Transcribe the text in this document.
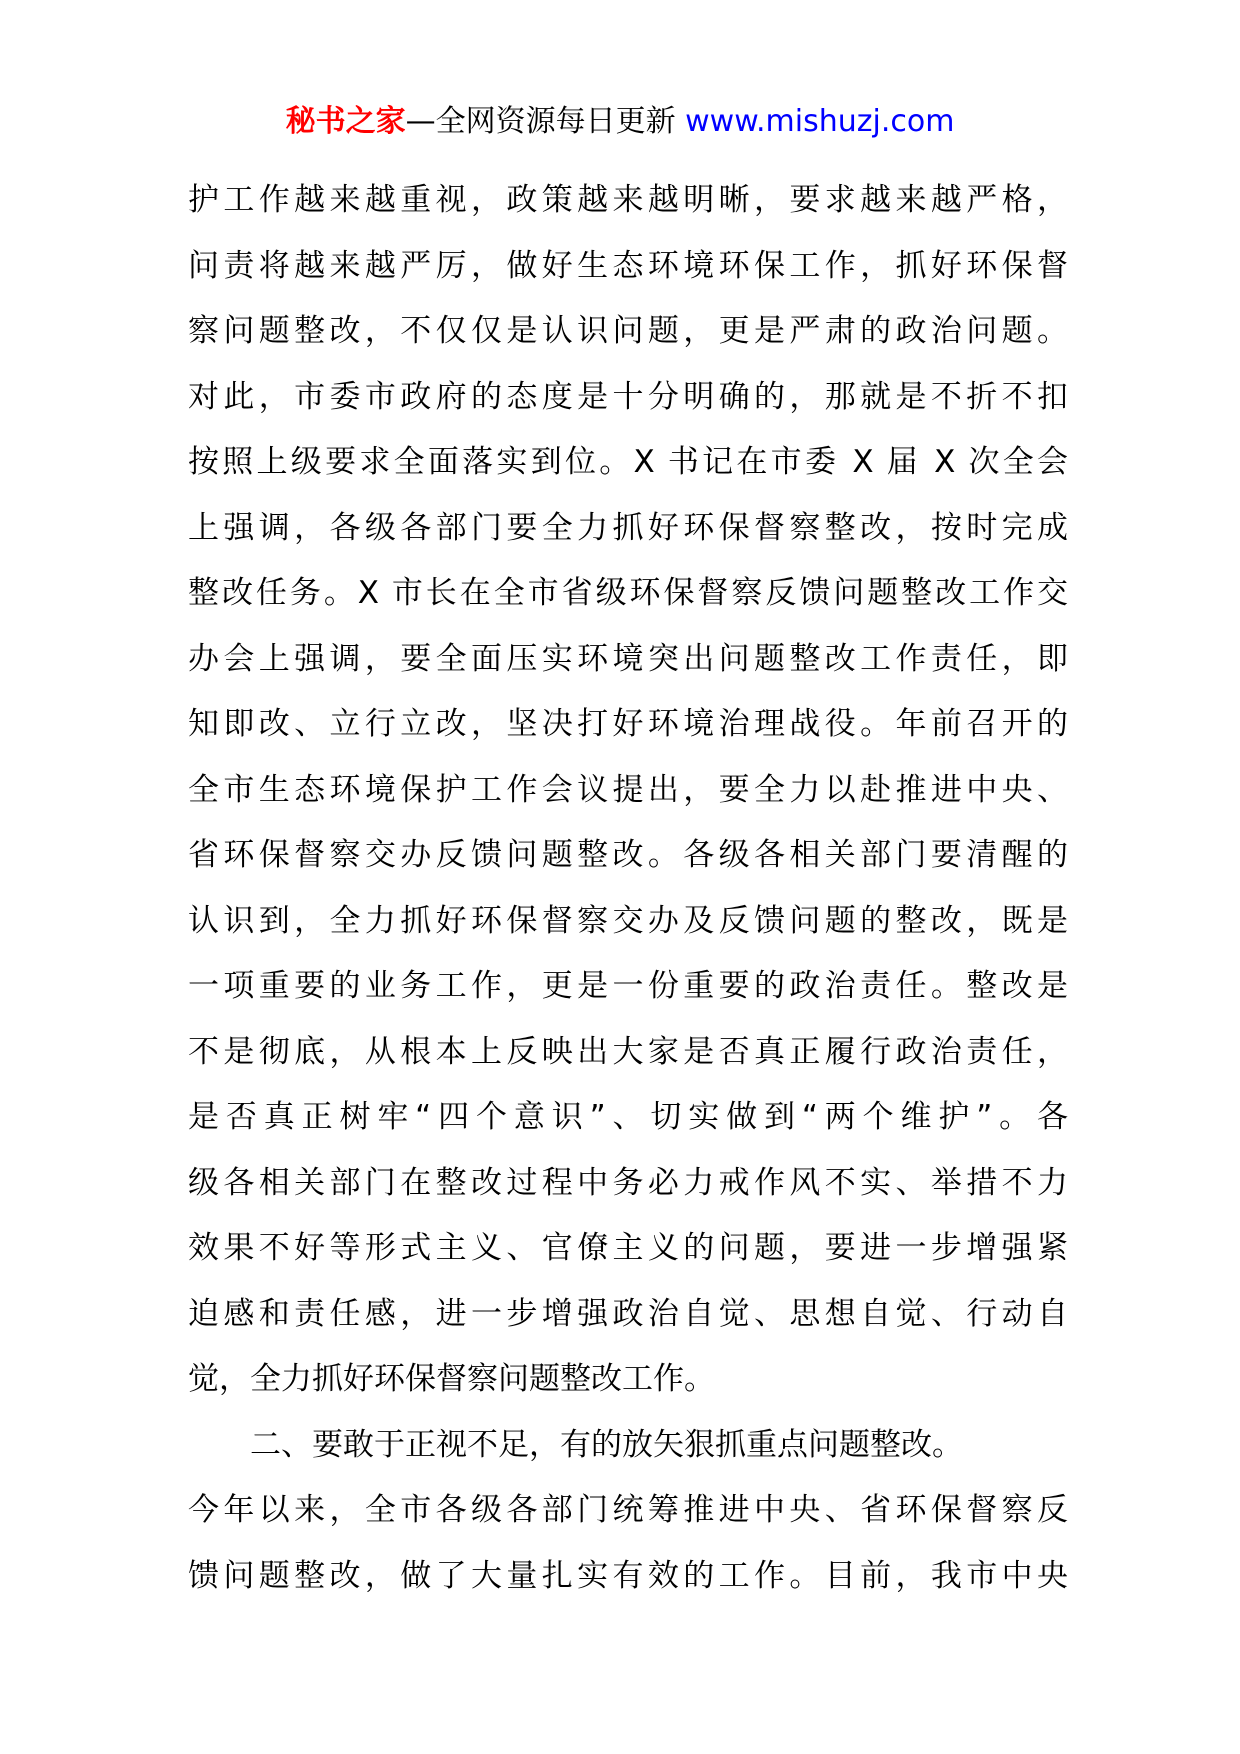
秘书之家—全网资源每日更新 www.mishuzj.com
护工作越来越重视，政策越来越明晰，要求越来越严格，
问责将越来越严厉，做好生态环境环保工作，抓好环保督
察问题整改，不仅仅是认识问题，更是严肃的政治问题。
对此，市委市政府的态度是十分明确的，那就是不折不扣
按照上级要求全面落实到位。X 书记在市委 X 届 X 次全会
上强调，各级各部门要全力抓好环保督察整改，按时完成
整改任务。X 市长在全市省级环保督察反馈问题整改工作交
办会上强调，要全面压实环境突出问题整改工作责任，即
知即改、立行立改，坚决打好环境治理战役。年前召开的
全市生态环境保护工作会议提出，要全力以赴推进中央、
省环保督察交办反馈问题整改。各级各相关部门要清醒的
认识到，全力抓好环保督察交办及反馈问题的整改，既是
一项重要的业务工作，更是一份重要的政治责任。整改是
不是彻底，从根本上反映出大家是否真正履行政治责任，
是否真正树牢“四个意识”、切实做到“两个维护”。各
级各相关部门在整改过程中务必力戒作风不实、举措不力
效果不好等形式主义、官僚主义的问题，要进一步增强紧
迫感和责任感，进一步增强政治自觉、思想自觉、行动自
觉，全力抓好环保督察问题整改工作。
二、要敢于正视不足，有的放矢狠抓重点问题整改。
今年以来，全市各级各部门统筹推进中央、省环保督察反
馈问题整改，做了大量扎实有效的工作。目前，我市中央
